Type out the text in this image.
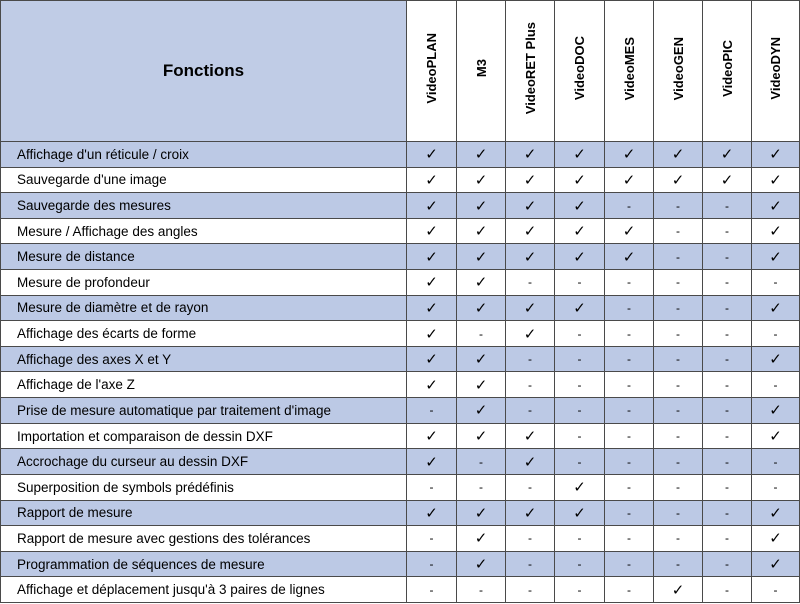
Fonctions	VideoPLAN	M3	VideoRET Plus	VideoDOC	VideoMES	VideoGEN	VideoPIC	VideoDYN
Affichage d'un réticule / croix	✓	✓	✓	✓	✓	✓	✓	✓
Sauvegarde d'une image	✓	✓	✓	✓	✓	✓	✓	✓
Sauvegarde des mesures	✓	✓	✓	✓	-	-	-	✓
Mesure / Affichage des angles	✓	✓	✓	✓	✓	-	-	✓
Mesure de distance	✓	✓	✓	✓	✓	-	-	✓
Mesure de profondeur	✓	✓	-	-	-	-	-	-
Mesure de diamètre et de rayon	✓	✓	✓	✓	-	-	-	✓
Affichage des écarts de forme	✓	-	✓	-	-	-	-	-
Affichage des axes X et Y	✓	✓	-	-	-	-	-	✓
Affichage de l'axe Z	✓	✓	-	-	-	-	-	-
Prise de mesure automatique par traitement d'image	-	✓	-	-	-	-	-	✓
Importation et comparaison de dessin DXF	✓	✓	✓	-	-	-	-	✓
Accrochage du curseur au dessin DXF	✓	-	✓	-	-	-	-	-
Superposition de symbols prédéfinis	-	-	-	✓	-	-	-	-
Rapport de mesure	✓	✓	✓	✓	-	-	-	✓
Rapport de mesure avec gestions des tolérances	-	✓	-	-	-	-	-	✓
Programmation de séquences de mesure	-	✓	-	-	-	-	-	✓
Affichage et déplacement jusqu'à 3 paires de lignes	-	-	-	-	-	✓	-	-
